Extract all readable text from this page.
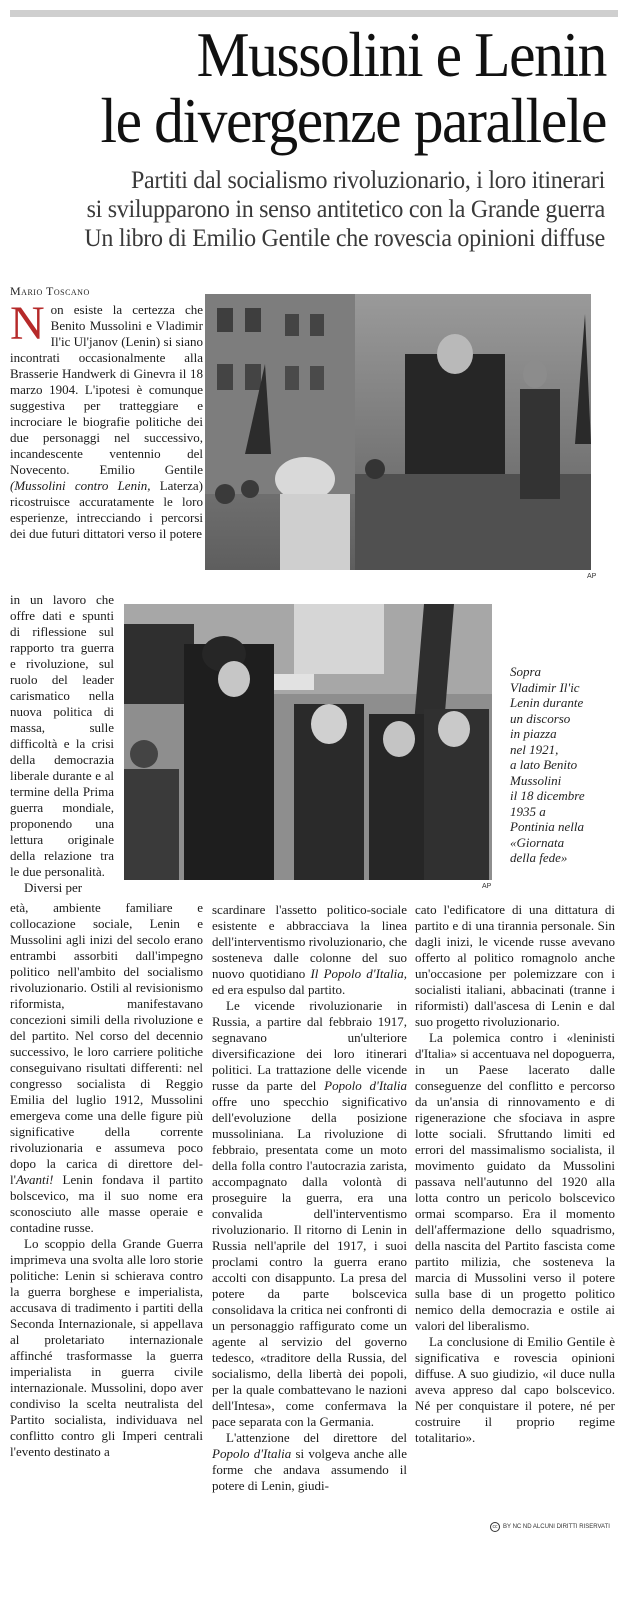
Mussolini e Lenin
le divergenze parallele
Partiti dal socialismo rivoluzionario, i loro itinerari
si svilupparono in senso antitetico con la Grande guerra
Un libro di Emilio Gentile che rovescia opinioni diffuse
Mario Toscano
AP
AP
Sopra
Vladimir Il'ic
Lenin durante
un discorso
in piazza
nel 1921,
a lato Benito
Mussolini
il 18 dicembre
1935 a
Pontinia nella
«Giornata
della fede»

Non esiste la certezza che Benito Mussolini e Vladimir Il'ic Ul'janov (Lenin) si siano incontrati occasionalmente alla Brasserie Handwerk di Ginevra il 18 marzo 1904. L'ipotesi è comunque suggestiva per tratteggiare e incrociare le biografie politiche dei due personaggi nel successivo, incandescente ventennio del Novecento. Emilio Gentile (Mussolini contro Lenin, Laterza) ricostruisce accuratamente le loro esperienze, intrecciando i percorsi dei due futuri dittatori verso il potere

in un lavoro che offre dati e spunti di riflessione sul rapporto tra guerra e rivoluzione, sul ruolo del leader carismatico nella nuova politica di massa, sulle difficoltà e la crisi della democrazia liberale durante e al termine della Prima guerra mondiale, proponendo una lettura originale della relazione tra le due personalità.

Diversi per

età, ambiente familiare e collocazione sociale, Lenin e Mussolini agli inizi del secolo erano entrambi assorbiti dall'impegno politico nell'ambito del socialismo rivoluzionario. Ostili al revisionismo riformista, manifestavano concezioni simili della rivoluzione e del partito. Nel corso del decennio successivo, le loro carriere politiche conseguivano risultati differenti: nel congresso socialista di Reggio Emilia del luglio 1912, Mussolini emergeva come una delle figure più significative della corrente rivoluzionaria e assumeva poco dopo la carica di direttore del-l'Avanti! Lenin fondava il partito bolscevico, ma il suo nome era sconosciuto alle masse operaie e contadine russe.

Lo scoppio della Grande Guerra imprimeva una svolta alle loro storie politiche: Lenin si schierava contro la guerra borghese e imperialista, accusava di tradimento i partiti della Seconda Internazionale, si appellava al proletariato internazionale affinché trasformasse la guerra imperialista in guerra civile internazionale. Mussolini, dopo aver condiviso la scelta neutralista del Partito socialista, individuava nel conflitto contro gli Imperi centrali l'evento destinato a

scardinare l'assetto politico-sociale esistente e abbracciava la linea dell'interventismo rivoluzionario, che sosteneva dalle colonne del suo nuovo quotidiano Il Popolo d'Italia, ed era espulso dal partito.

Le vicende rivoluzionarie in Russia, a partire dal febbraio 1917, segnavano un'ulteriore diversificazione dei loro itinerari politici. La trattazione delle vicende russe da parte del Popolo d'Italia offre uno specchio significativo dell'evoluzione della posizione mussoliniana. La rivoluzione di febbraio, presentata come un moto della folla contro l'autocrazia zarista, accompagnato dalla volontà di proseguire la guerra, era una convalida dell'interventismo rivoluzionario. Il ritorno di Lenin in Russia nell'aprile del 1917, i suoi proclami contro la guerra erano accolti con disappunto. La presa del potere da parte bolscevica consolidava la critica nei confronti di un personaggio raffigurato come un agente al servizio del governo tedesco, «traditore della Russia, del socialismo, della libertà dei popoli, per la quale combattevano le nazioni dell'Intesa», come confermava la pace separata con la Germania.

L'attenzione del direttore del Popolo d'Italia si volgeva anche alle forme che andava assumendo il potere di Lenin, giudi-

cato l'edificatore di una dittatura di partito e di una tirannia personale. Sin dagli inizi, le vicende russe avevano offerto al politico romagnolo anche un'occasione per polemizzare con i socialisti italiani, abbacinati (tranne i riformisti) dall'ascesa di Lenin e dal suo progetto rivoluzionario.

La polemica contro i «leninisti d'Italia» si accentuava nel dopoguerra, in un Paese lacerato dalle conseguenze del conflitto e percorso da un'ansia di rinnovamento e di rigenerazione che sfociava in aspre lotte sociali. Sfruttando limiti ed errori del massimalismo socialista, il movimento guidato da Mussolini passava nell'autunno del 1920 alla lotta contro un pericolo bolscevico ormai scomparso. Era il momento dell'affermazione dello squadrismo, della nascita del Partito fascista come partito milizia, che sosteneva la marcia di Mussolini verso il potere sulla base di un progetto politico nemico della democrazia e ostile ai valori del liberalismo.

La conclusione di Emilio Gentile è significativa e rovescia opinioni diffuse. A suo giudizio, «il duce nulla aveva appreso dal capo bolscevico. Né per conquistare il potere, né per costruire il proprio regime totalitario».

cc BY NC ND ALCUNI DIRITTI RISERVATI
